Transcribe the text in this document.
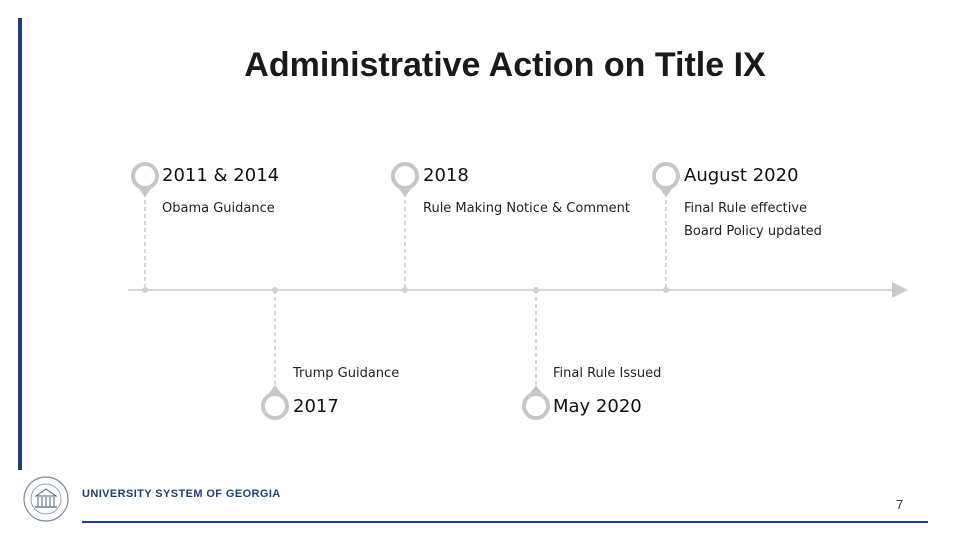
Administrative Action on Title IX
2011 & 2014
Obama Guidance
Trump Guidance
2017
2018
Rule Making Notice & Comment
Final Rule Issued
May 2020
August 2020
Final Rule effective
Board Policy updated
UNIVERSITY SYSTEM OF GEORGIA
7
